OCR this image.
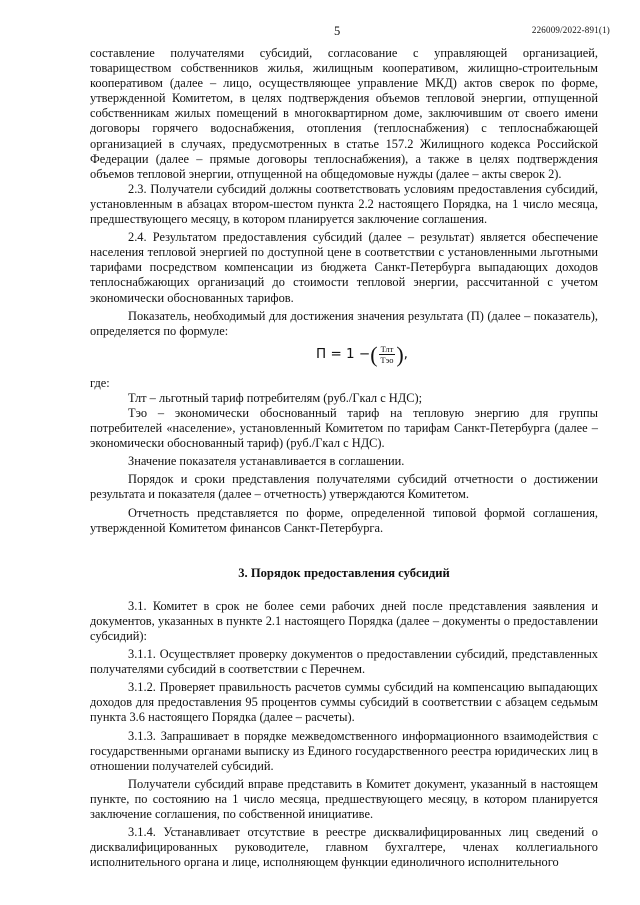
5	226009/2022-891(1)

составление получателями субсидий, согласование с управляющей организацией, товариществом собственников жилья, жилищным кооперативом, жилищно-строительным кооперативом (далее – лицо, осуществляющее управление МКД) актов сверок по форме, утвержденной Комитетом, в целях подтверждения объемов тепловой энергии, отпущенной собственникам жилых помещений в многоквартирном доме, заключившим от своего имени договоры горячего водоснабжения, отопления (теплоснабжения) с теплоснабжающей организацией в случаях, предусмотренных в статье 157.2 Жилищного кодекса Российской Федерации (далее – прямые договоры теплоснабжения), а также в целях подтверждения объемов тепловой энергии, отпущенной на общедомовые нужды (далее – акты сверок 2).

2.3. Получатели субсидий должны соответствовать условиям предоставления субсидий, установленным в абзацах втором-шестом пункта 2.2 настоящего Порядка, на 1 число месяца, предшествующего месяцу, в котором планируется заключение соглашения.

2.4. Результатом предоставления субсидий (далее – результат) является обеспечение населения тепловой энергией по доступной цене в соответствии с установленными льготными тарифами посредством компенсации из бюджета Санкт-Петербурга выпадающих доходов теплоснабжающих организаций до стоимости тепловой энергии, рассчитанной с учетом экономически обоснованных тарифов.

Показатель, необходимый для достижения значения результата (П) (далее – показатель), определяется по формуле:

П = 1 − ( $\frac{\text{Тлт}}{\text{Тэо}}$ ) ,

где:

Тлт – льготный тариф потребителям (руб./Гкал с НДС);

Тэо – экономически обоснованный тариф на тепловую энергию для группы потребителей «население», установленный Комитетом по тарифам Санкт-Петербурга (далее – экономически обоснованный тариф) (руб./Гкал с НДС).

Значение показателя устанавливается в соглашении.

Порядок и сроки представления получателями субсидий отчетности о достижении результата и показателя (далее – отчетность) утверждаются Комитетом.

Отчетность представляется по форме, определенной типовой формой соглашения, утвержденной Комитетом финансов Санкт-Петербурга.

3. Порядок предоставления субсидий

3.1. Комитет в срок не более семи рабочих дней после представления заявления и документов, указанных в пункте 2.1 настоящего Порядка (далее – документы о предоставлении субсидий):

3.1.1. Осуществляет проверку документов о предоставлении субсидий, представленных получателями субсидий в соответствии с Перечнем.

3.1.2. Проверяет правильность расчетов суммы субсидий на компенсацию выпадающих доходов для предоставления 95 процентов суммы субсидий в соответствии с абзацем седьмым пункта 3.6 настоящего Порядка (далее – расчеты).

3.1.3. Запрашивает в порядке межведомственного информационного взаимодействия с государственными органами выписку из Единого государственного реестра юридических лиц в отношении получателей субсидий.

Получатели субсидий вправе представить в Комитет документ, указанный в настоящем пункте, по состоянию на 1 число месяца, предшествующего месяцу, в котором планируется заключение соглашения, по собственной инициативе.

3.1.4. Устанавливает отсутствие в реестре дисквалифицированных лиц сведений о дисквалифицированных руководителе, главном бухгалтере, членах коллегиального исполнительного органа и лице, исполняющем функции единоличного исполнительного
